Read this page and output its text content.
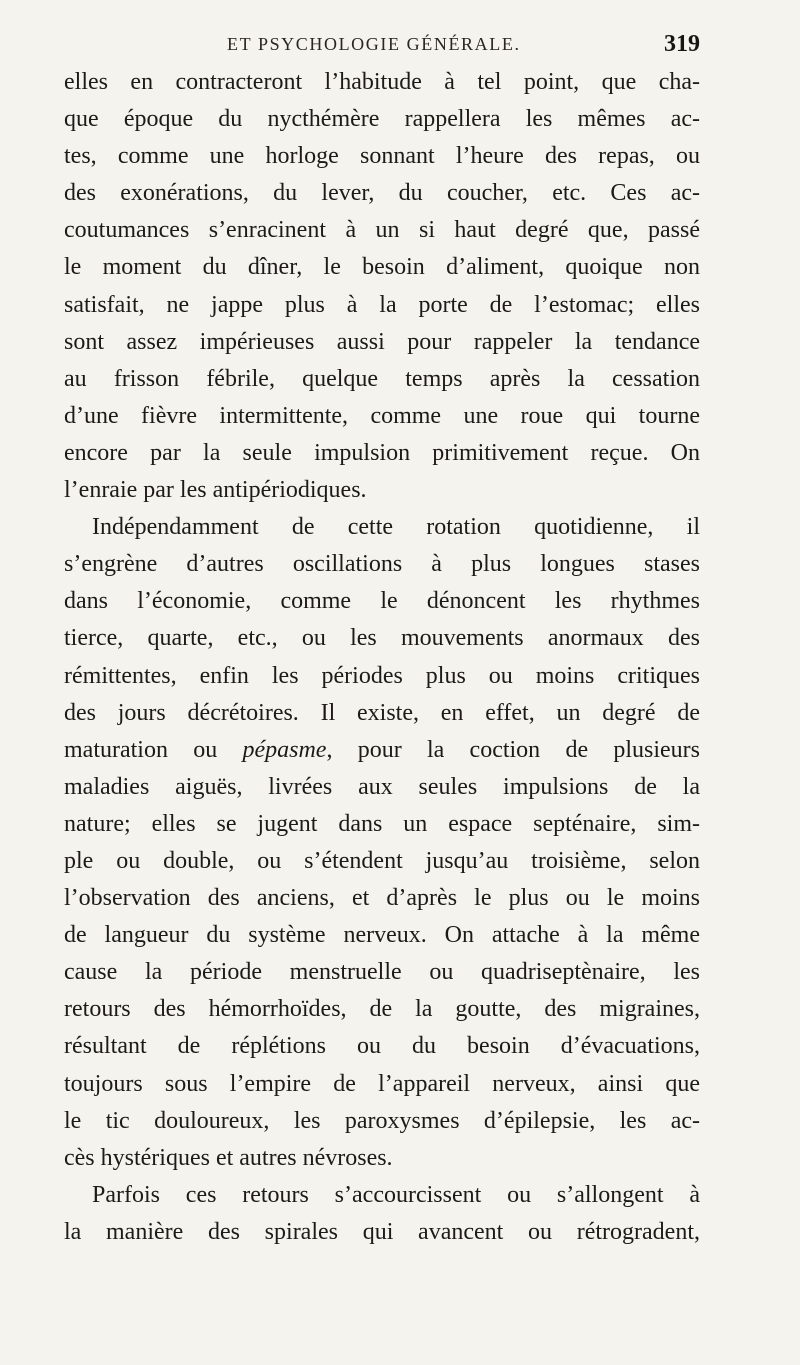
ET PSYCHOLOGIE GÉNÉRALE.	319

elles en contracteront l’habitude à tel point, que cha-
que époque du nycthémère rappellera les mêmes ac-
tes, comme une horloge sonnant l’heure des repas, ou
des exonérations, du lever, du coucher, etc. Ces ac-
coutumances s’enracinent à un si haut degré que, passé
le moment du dîner, le besoin d’aliment, quoique non
satisfait, ne jappe plus à la porte de l’estomac; elles
sont assez impérieuses aussi pour rappeler la tendance
au frisson fébrile, quelque temps après la cessation
d’une fièvre intermittente, comme une roue qui tourne
encore par la seule impulsion primitivement reçue. On
l’enraie par les antipériodiques.

Indépendamment de cette rotation quotidienne, il
s’engrène d’autres oscillations à plus longues stases
dans l’économie, comme le dénoncent les rhythmes
tierce, quarte, etc., ou les mouvements anormaux des
rémittentes, enfin les périodes plus ou moins critiques
des jours décrétoires. Il existe, en effet, un degré de
maturation ou pépasme, pour la coction de plusieurs
maladies aiguës, livrées aux seules impulsions de la
nature; elles se jugent dans un espace septénaire, sim-
ple ou double, ou s’étendent jusqu’au troisième, selon
l’observation des anciens, et d’après le plus ou le moins
de langueur du système nerveux. On attache à la même
cause la période menstruelle ou quadriseptènaire, les
retours des hémorrhoïdes, de la goutte, des migraines,
résultant de réplétions ou du besoin d’évacuations,
toujours sous l’empire de l’appareil nerveux, ainsi que
le tic douloureux, les paroxysmes d’épilepsie, les ac-
cès hystériques et autres névroses.

Parfois ces retours s’accourcissent ou s’allongent à
la manière des spirales qui avancent ou rétrogradent,
